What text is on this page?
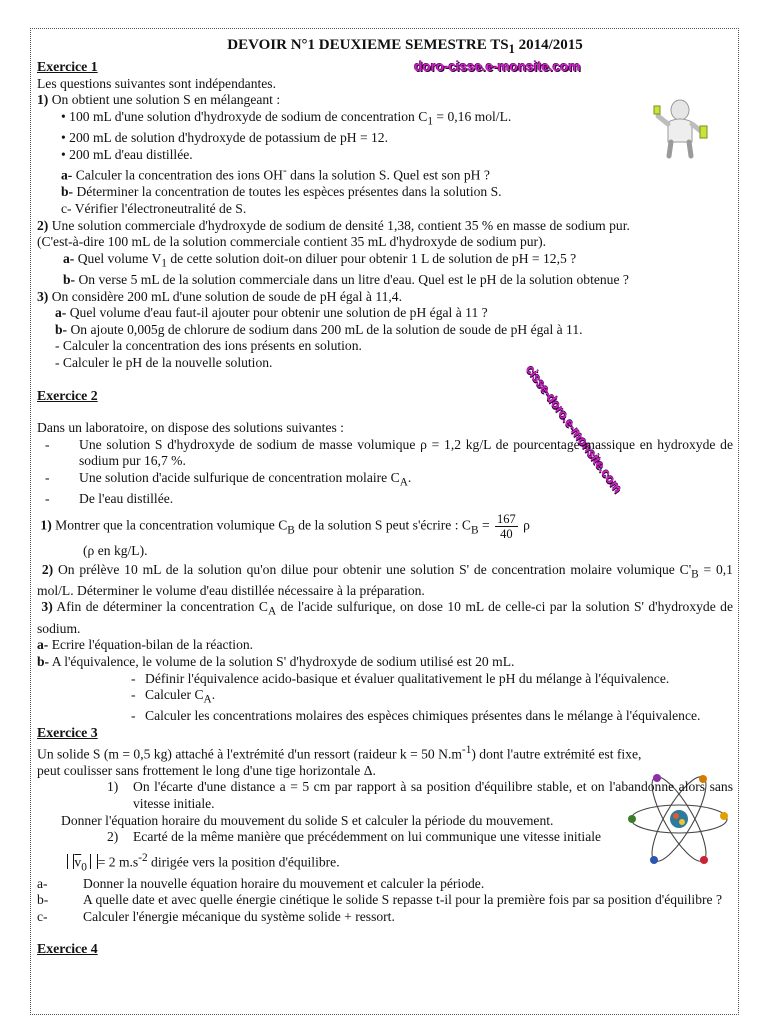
doro-cisse.e-monsite.com
cisse-doro.e-monsite.com
DEVOIR N°1 DEUXIEME SEMESTRE $TS_1$ 2014/2015
Exercice 1
Les questions suivantes sont indépendantes.
1) On obtient une solution S en mélangeant :
• 100 mL d'une solution d'hydroxyde de sodium de concentration $C_1 = 0,16$ mol/L.
• 200 mL de solution d'hydroxyde de potassium de pH = 12.
• 200 mL d'eau distillée.
a- Calculer la concentration des ions OH- dans la solution S. Quel est son pH ?
b- Déterminer la concentration de toutes les espèces présentes dans la solution S.
c- Vérifier l'électroneutralité de S.
2) Une solution commerciale d'hydroxyde de sodium de densité 1,38, contient 35 % en masse de sodium pur.
(C'est-à-dire 100 mL de la solution commerciale contient 35 mL d'hydroxyde de sodium pur).
a- Quel volume $V_1$ de cette solution doit-on diluer pour obtenir 1 L de solution de pH = 12,5 ?
b- On verse 5 mL de la solution commerciale dans un litre d'eau. Quel est le pH de la solution obtenue ?
3) On considère 200 mL d'une solution de soude de pH égal à 11,4.
a- Quel volume d'eau faut-il ajouter pour obtenir une solution de pH égal à 11 ?
b- On ajoute 0,005g de chlorure de sodium dans 200 mL de la solution de soude de pH égal à 11.
- Calculer la concentration des ions présents en solution.
- Calculer le pH de la nouvelle solution.
Exercice 2
Dans un laboratoire, on dispose des solutions suivantes :
-	Une solution S d'hydroxyde de sodium de masse volumique ρ = 1,2 kg/L de pourcentage massique en hydroxyde de sodium pur 16,7 %.
-	Une solution d'acide sulfurique de concentration molaire $C_A$.
-	De l'eau distillée.
1) Montrer que la concentration volumique $C_B$ de la solution S peut s'écrire : $C_B = \frac{167}{40}$ ρ
(ρ en kg/L).
2) On prélève 10 mL de la solution qu'on dilue pour obtenir une solution S' de concentration molaire volumique $C'_B = 0,1$ mol/L. Déterminer le volume d'eau distillée nécessaire à la préparation.
3) Afin de déterminer la concentration $C_A$ de l'acide sulfurique, on dose 10 mL de celle-ci par la solution S' d'hydroxyde de sodium.
a- Ecrire l'équation-bilan de la réaction.
b- A l'équivalence, le volume de la solution S' d'hydroxyde de sodium utilisé est 20 mL.
- Définir l'équivalence acido-basique et évaluer qualitativement le pH du mélange à l'équivalence.
- Calculer $C_A$.
- Calculer les concentrations molaires des espèces chimiques présentes dans le mélange à l'équivalence.
Exercice 3
Un solide S (m = 0,5 kg) attaché à l'extrémité d'un ressort (raideur k = 50 $N.m^{-1}$) dont l'autre extrémité est fixe,
peut coulisser sans frottement le long d'une tige horizontale Δ.
1)	On l'écarte d'une distance a = 5 cm par rapport à sa position d'équilibre stable, et on l'abandonne alors sans vitesse initiale.
Donner l'équation horaire du mouvement du solide S et calculer la période du mouvement.
2) Ecarté de la même manière que précédemment on lui communique une vitesse initiale
$\overline{v}_0 = 2$ $m.s^{-2}$ dirigée vers la position d'équilibre.
a-	Donner la nouvelle équation horaire du mouvement et calculer la période.
b-	A quelle date et avec quelle énergie cinétique le solide S repasse t-il pour la première fois par sa position d'équilibre ?
c-	Calculer l'énergie mécanique du système solide + ressort.
Exercice 4
